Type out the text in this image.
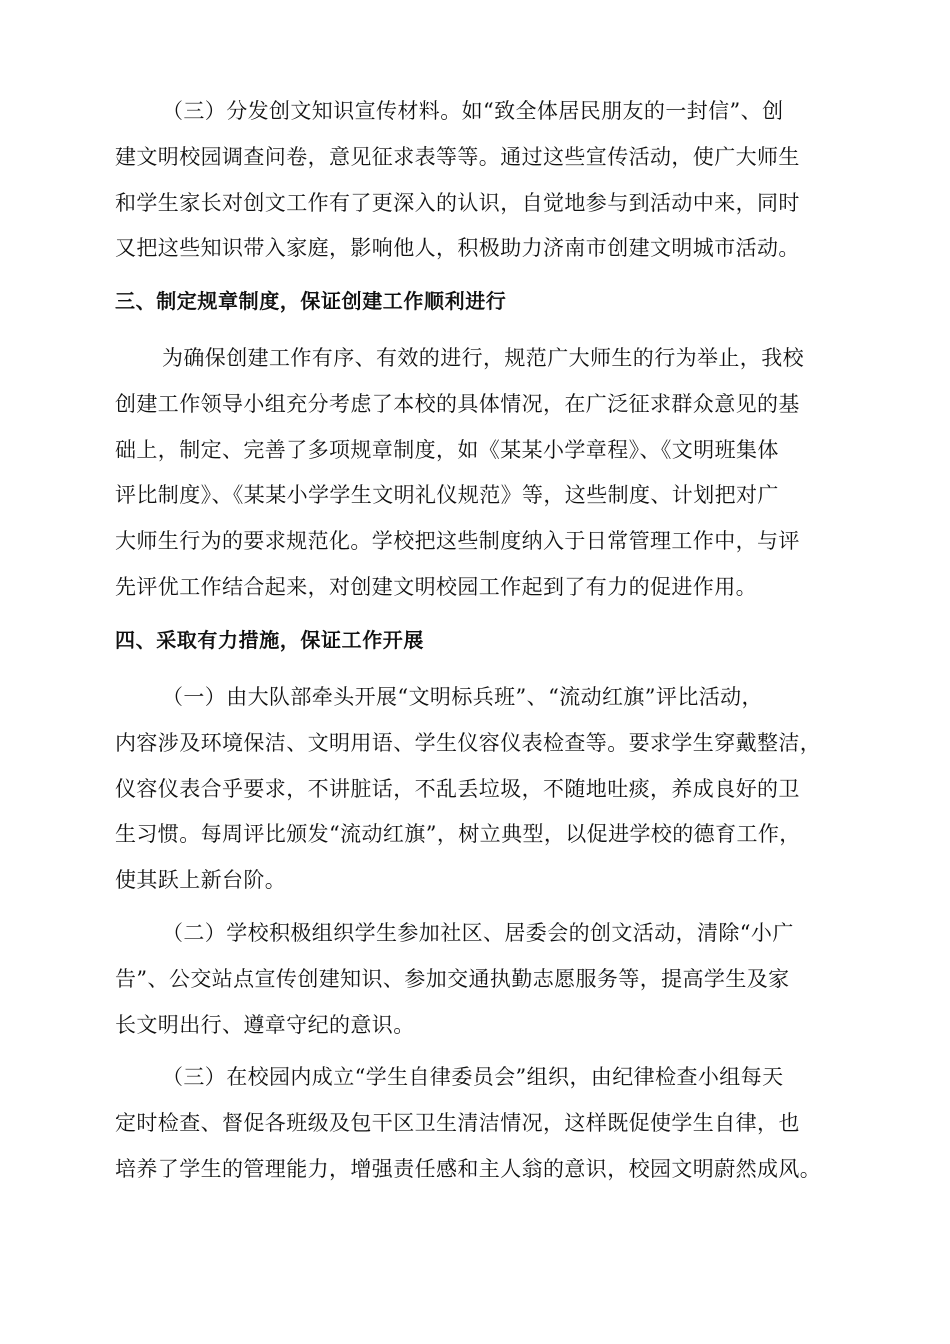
（三）分发创文知识宣传材料。如“致全体居民朋友的一封信”、创
建文明校园调查问卷，意见征求表等等。通过这些宣传活动，使广大师生
和学生家长对创文工作有了更深入的认识，自觉地参与到活动中来，同时
又把这些知识带入家庭，影响他人，积极助力济南市创建文明城市活动。
三、制定规章制度，保证创建工作顺利进行
为确保创建工作有序、有效的进行，规范广大师生的行为举止，我校
创建工作领导小组充分考虑了本校的具体情况，在广泛征求群众意见的基
础上，制定、完善了多项规章制度，如《某某小学章程》、《文明班集体
评比制度》、《某某小学学生文明礼仪规范》等，这些制度、计划把对广
大师生行为的要求规范化。学校把这些制度纳入于日常管理工作中，与评
先评优工作结合起来，对创建文明校园工作起到了有力的促进作用。
四、采取有力措施，保证工作开展
（一）由大队部牵头开展“文明标兵班”、“流动红旗”评比活动，
内容涉及环境保洁、文明用语、学生仪容仪表检查等。要求学生穿戴整洁，
仪容仪表合乎要求，不讲脏话，不乱丢垃圾，不随地吐痰，养成良好的卫
生习惯。每周评比颁发“流动红旗”，树立典型，以促进学校的德育工作，
使其跃上新台阶。
（二）学校积极组织学生参加社区、居委会的创文活动，清除“小广
告”、公交站点宣传创建知识、参加交通执勤志愿服务等，提高学生及家
长文明出行、遵章守纪的意识。
（三）在校园内成立“学生自律委员会”组织，由纪律检查小组每天
定时检查、督促各班级及包干区卫生清洁情况，这样既促使学生自律，也
培养了学生的管理能力，增强责任感和主人翁的意识，校园文明蔚然成风。
